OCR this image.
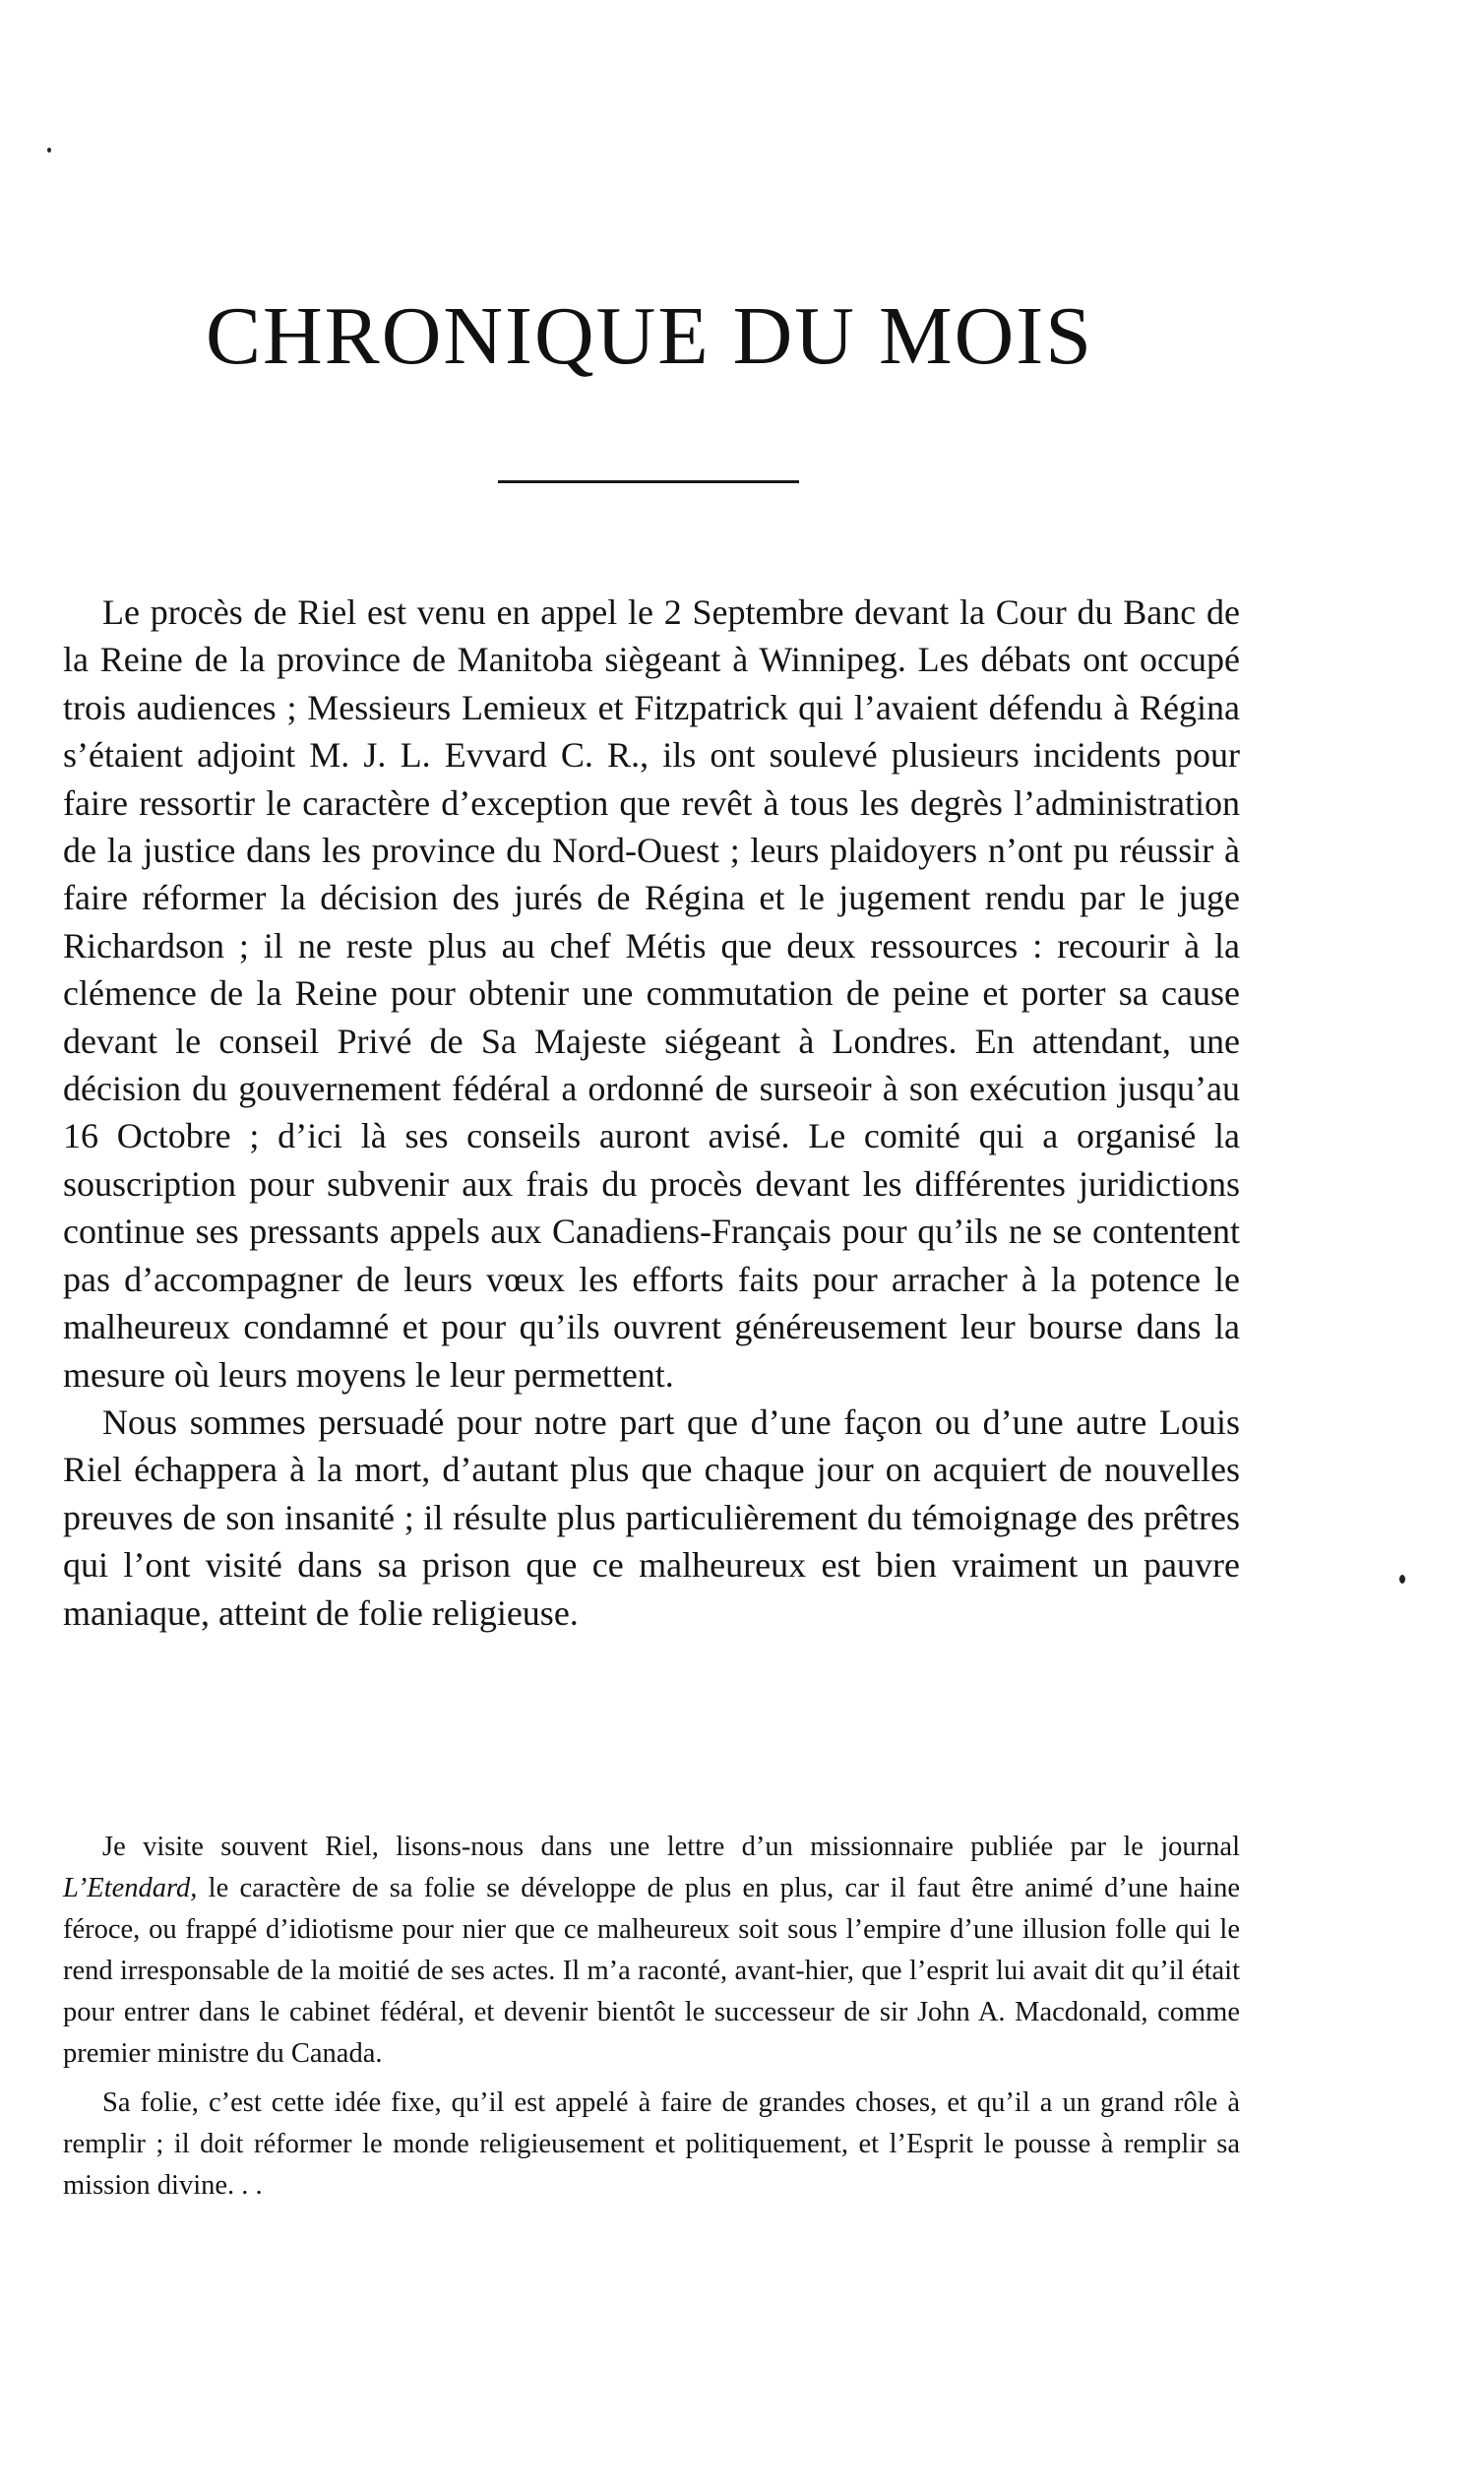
CHRONIQUE DU MOIS

Le procès de Riel est venu en appel le 2 Septembre devant la Cour du Banc de la Reine de la province de Manitoba siègeant à Winnipeg. Les débats ont occupé trois audiences ; Messieurs Lemieux et Fitzpatrick qui l’avaient défendu à Régina s’étaient adjoint M. J. L. Evvard C. R., ils ont soulevé plusieurs incidents pour faire ressortir le caractère d’exception que revêt à tous les degrès l’administration de la justice dans les province du Nord-Ouest ; leurs plaidoyers n’ont pu réussir à faire réformer la décision des jurés de Régina et le jugement rendu par le juge Richardson ; il ne reste plus au chef Métis que deux ressources : recourir à la clémence de la Reine pour obtenir une commutation de peine et porter sa cause devant le conseil Privé de Sa Majeste siégeant à Londres. En attendant, une décision du gouvernement fédéral a ordonné de surseoir à son exécution jusqu’au 16 Octobre ; d’ici là ses conseils auront avisé. Le comité qui a organisé la souscription pour subvenir aux frais du procès devant les différentes juridictions continue ses pressants appels aux Canadiens-Français pour qu’ils ne se contentent pas d’accompagner de leurs vœux les efforts faits pour arracher à la potence le malheureux condamné et pour qu’ils ouvrent généreusement leur bourse dans la mesure où leurs moyens le leur permettent.

Nous sommes persuadé pour notre part que d’une façon ou d’une autre Louis Riel échappera à la mort, d’autant plus que chaque jour on acquiert de nouvelles preuves de son insanité ; il résulte plus particulièrement du témoignage des prêtres qui l’ont visité dans sa prison que ce malheureux est bien vraiment un pauvre maniaque, atteint de folie religieuse.

Je visite souvent Riel, lisons-nous dans une lettre d’un missionnaire publiée par le journal L’Etendard, le caractère de sa folie se développe de plus en plus, car il faut être animé d’une haine féroce, ou frappé d’idiotisme pour nier que ce malheureux soit sous l’empire d’une illusion folle qui le rend irresponsable de la moitié de ses actes. Il m’a raconté, avant-hier, que l’esprit lui avait dit qu’il était pour entrer dans le cabinet fédéral, et devenir bientôt le successeur de sir John A. Macdonald, comme premier ministre du Canada.

Sa folie, c’est cette idée fixe, qu’il est appelé à faire de grandes choses, et qu’il a un grand rôle à remplir ; il doit réformer le monde religieusement et politiquement, et l’Esprit le pousse à remplir sa mission divine. . .
